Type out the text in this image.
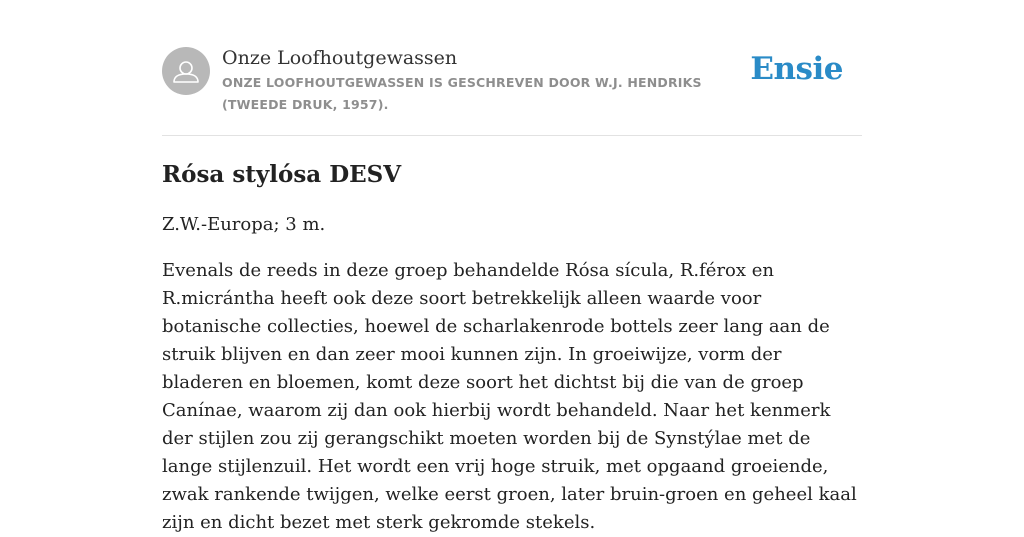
Onze Loofhoutgewassen
ONZE LOOFHOUTGEWASSEN IS GESCHREVEN DOOR W.J. HENDRIKS (TWEEDE DRUK, 1957).
Ensie
Rósa stylósa DESV

Z.W.-Europa; 3 m.

Evenals de reeds in deze groep behandelde Rósa sícula, R.férox en R.micrántha heeft ook deze soort betrekkelijk alleen waarde voor botanische collecties, hoewel de scharlakenrode bottels zeer lang aan de struik blijven en dan zeer mooi kunnen zijn. In groeiwijze, vorm der bladeren en bloemen, komt deze soort het dichtst bij die van de groep Canínae, waarom zij dan ook hierbij wordt behandeld. Naar het kenmerk der stijlen zou zij gerangschikt moeten worden bij de Synstýlae met de lange stijlenzuil. Het wordt een vrij hoge struik, met opgaand groeiende, zwak rankende twijgen, welke eerst groen, later bruin-groen en geheel kaal zijn en dicht bezet met sterk gekromde stekels.
